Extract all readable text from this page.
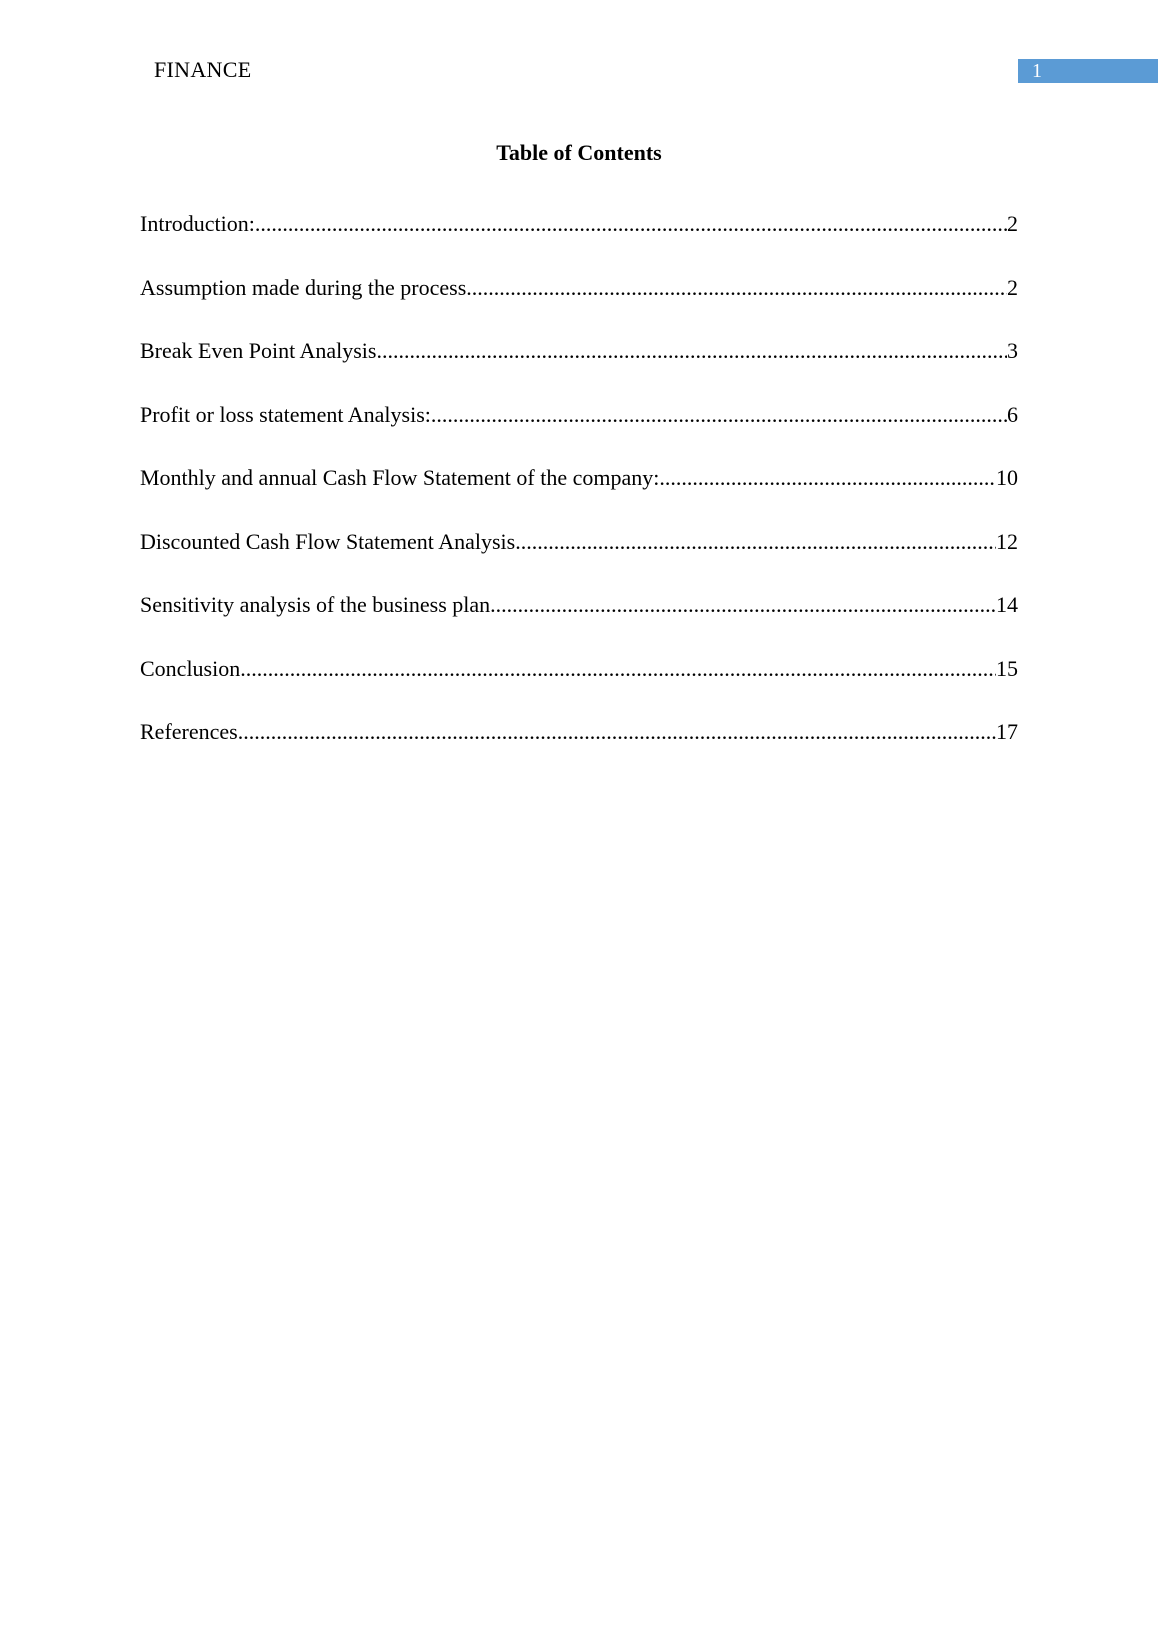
FINANCE	1
Table of Contents
Introduction: .....	2
Assumption made during the process .....	2
Break Even Point Analysis .....	3
Profit or loss statement Analysis: .....	6
Monthly and annual Cash Flow Statement of the company: .....	10
Discounted Cash Flow Statement Analysis .....	12
Sensitivity analysis of the business plan .....	14
Conclusion .....	15
References .....	17
